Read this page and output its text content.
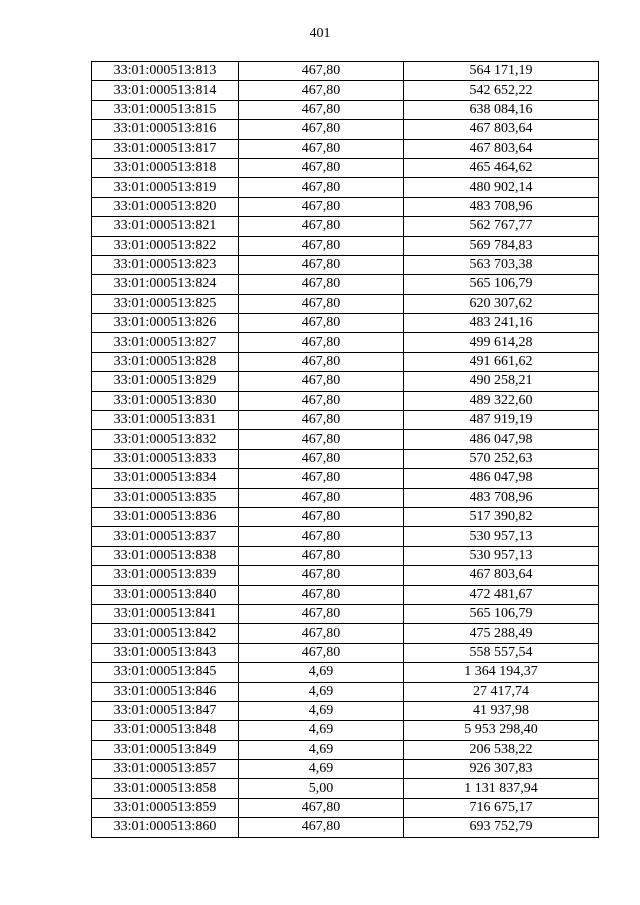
401
33:01:000513:813	467,80	564 171,19
33:01:000513:814	467,80	542 652,22
33:01:000513:815	467,80	638 084,16
33:01:000513:816	467,80	467 803,64
33:01:000513:817	467,80	467 803,64
33:01:000513:818	467,80	465 464,62
33:01:000513:819	467,80	480 902,14
33:01:000513:820	467,80	483 708,96
33:01:000513:821	467,80	562 767,77
33:01:000513:822	467,80	569 784,83
33:01:000513:823	467,80	563 703,38
33:01:000513:824	467,80	565 106,79
33:01:000513:825	467,80	620 307,62
33:01:000513:826	467,80	483 241,16
33:01:000513:827	467,80	499 614,28
33:01:000513:828	467,80	491 661,62
33:01:000513:829	467,80	490 258,21
33:01:000513:830	467,80	489 322,60
33:01:000513:831	467,80	487 919,19
33:01:000513:832	467,80	486 047,98
33:01:000513:833	467,80	570 252,63
33:01:000513:834	467,80	486 047,98
33:01:000513:835	467,80	483 708,96
33:01:000513:836	467,80	517 390,82
33:01:000513:837	467,80	530 957,13
33:01:000513:838	467,80	530 957,13
33:01:000513:839	467,80	467 803,64
33:01:000513:840	467,80	472 481,67
33:01:000513:841	467,80	565 106,79
33:01:000513:842	467,80	475 288,49
33:01:000513:843	467,80	558 557,54
33:01:000513:845	4,69	1 364 194,37
33:01:000513:846	4,69	27 417,74
33:01:000513:847	4,69	41 937,98
33:01:000513:848	4,69	5 953 298,40
33:01:000513:849	4,69	206 538,22
33:01:000513:857	4,69	926 307,83
33:01:000513:858	5,00	1 131 837,94
33:01:000513:859	467,80	716 675,17
33:01:000513:860	467,80	693 752,79
